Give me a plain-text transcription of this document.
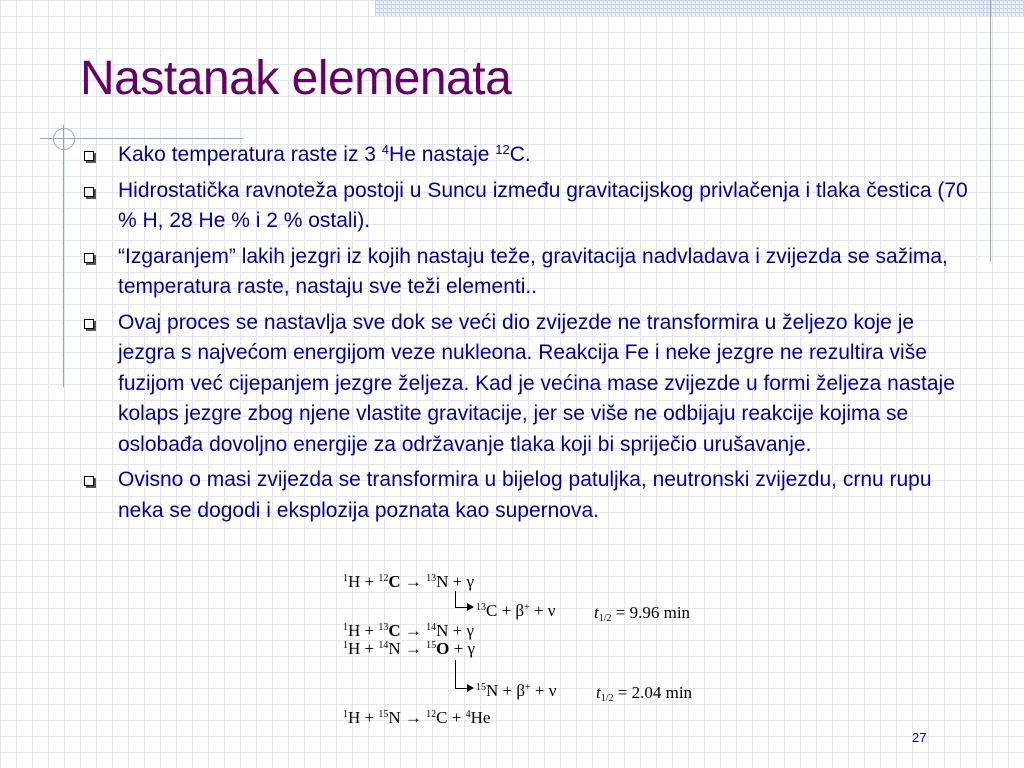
Nastanak elemenata
Kako temperatura raste iz 3 $^4$He nastaje $^{12}$C.
Hidrostatička ravnoteža postoji u Suncu između gravitacijskog privlačenja i tlaka čestica (70 % H, 28 He % i 2 % ostali).
“Izgaranjem” lakih jezgri iz kojih nastaju teže, gravitacija nadvladava i zvijezda se sažima, temperatura raste, nastaju sve teži elementi..
Ovaj proces se nastavlja sve dok se veći dio zvijezde ne transformira u željezo koje je jezgra s najvećom energijom veze nukleona. Reakcija Fe i neke jezgre ne rezultira više fuzijom već cijepanjem jezgre željeza. Kad je većina mase zvijezde u formi željeza nastaje kolaps jezgre zbog njene vlastite gravitacije, jer se više ne odbijaju reakcije kojima se oslobađa dovoljno energije za održavanje tlaka koji bi spriječio urušavanje.
Ovisno o masi zvijezda se transformira u bijelog patuljka, neutronski zvijezdu, crnu rupu neka se dogodi i eksplozija poznata kao supernova.
$^1$H + $^{12}$C → $^{13}$N + γ
$^{13}$C + β+ + ν $t_{1/2} = 9.96$ min
$^1$H + $^{13}$C → $^{14}$N + γ
$^1$H + $^{14}$N → $^{15}$O + γ
$^{15}$N + β+ + ν $t_{1/2} = 2.04$ min
$^1$H + $^{15}$N → $^{12}$C + $^4$He
27
